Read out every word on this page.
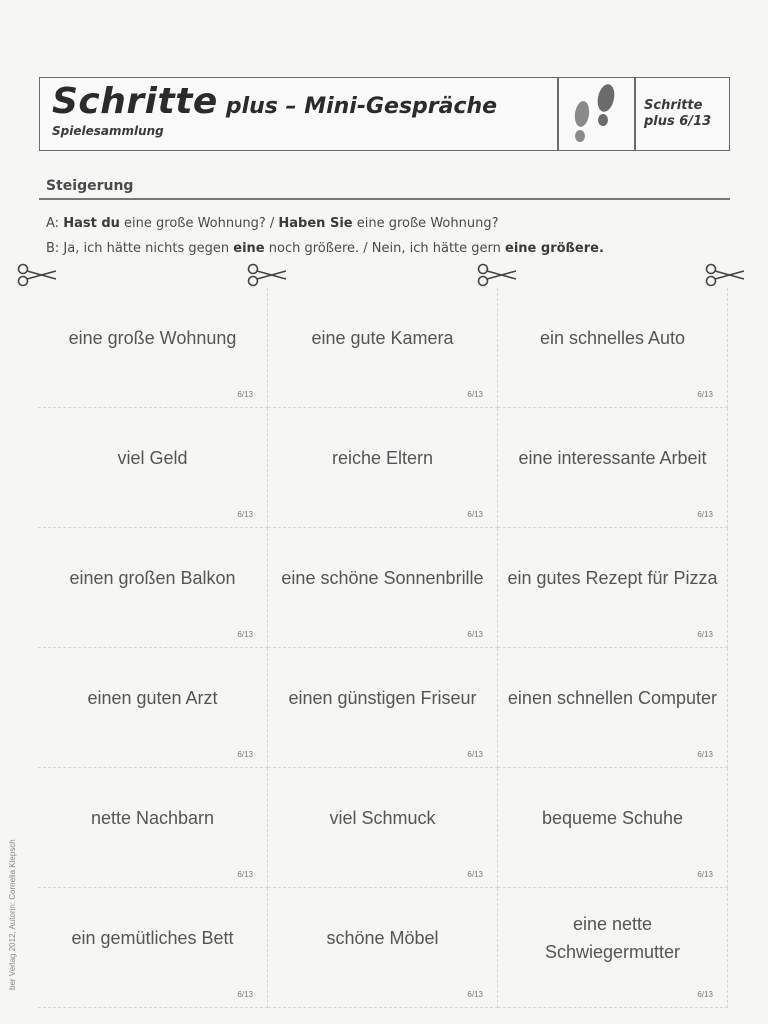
Schritte plus – Mini-Gespräche
Spielesammlung
Schritte
plus 6/13
Steigerung
A: Hast du eine große Wohnung? / Haben Sie eine große Wohnung?
B: Ja, ich hätte nichts gegen eine noch größere. / Nein, ich hätte gern eine größere.
eine große Wohnung
6/13
eine gute Kamera
6/13
ein schnelles Auto
6/13
viel Geld
6/13
reiche Eltern
6/13
eine interessante Arbeit
6/13
einen großen Balkon
6/13
eine schöne Sonnenbrille
6/13
ein gutes Rezept für Pizza
6/13
einen guten Arzt
6/13
einen günstigen Friseur
6/13
einen schnellen Computer
6/13
nette Nachbarn
6/13
viel Schmuck
6/13
bequeme Schuhe
6/13
ein gemütliches Bett
6/13
schöne Möbel
6/13
eine nette Schwiegermutter
6/13
ber Verlag 2012, Autorin: Cornelia Klepsch
